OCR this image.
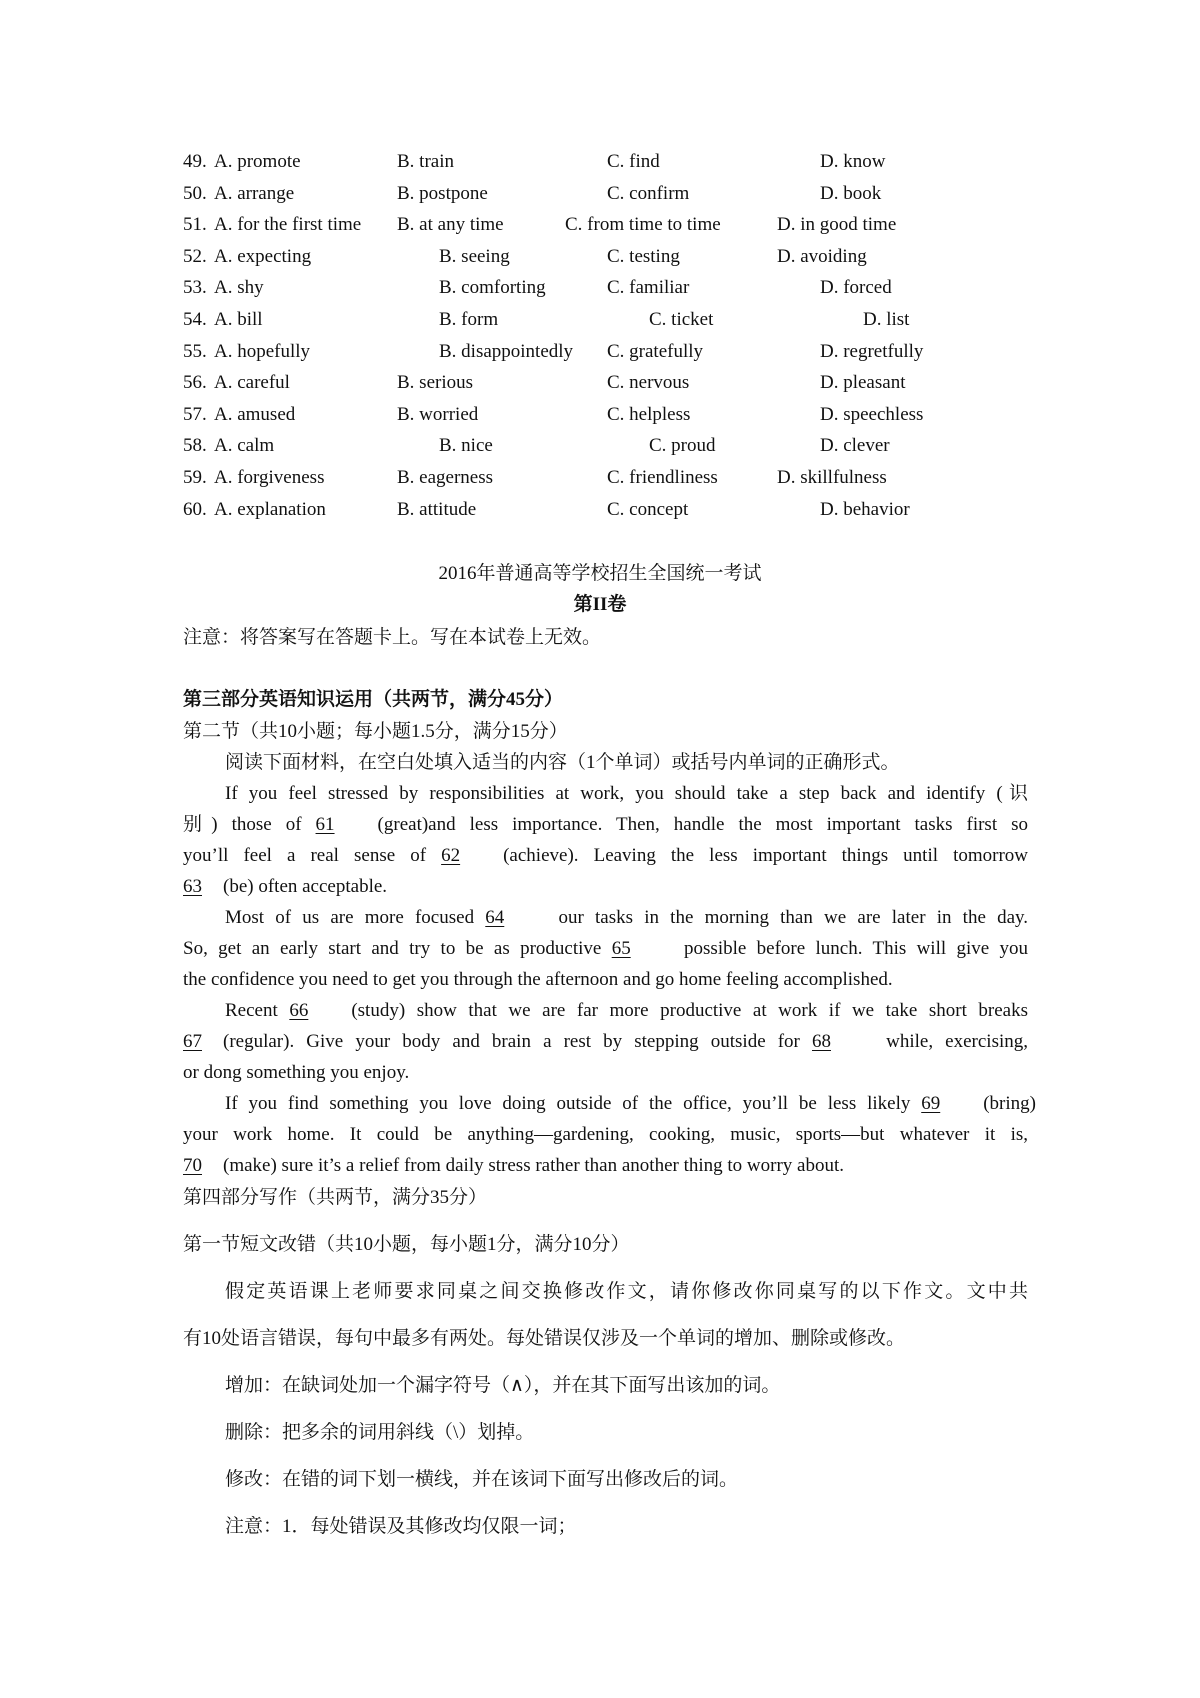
49. A. promote	B. train	C. find	D. know
50. A. arrange	B. postpone	C. confirm	D. book
51. A. for the first time B. at any time	C. from time to time	D. in good time
52. A. expecting	B. seeing	C. testing	D. avoiding
53. A. shy	B. comforting	C. familiar	D. forced
54. A. bill	B. form	C. ticket	D. list
55. A. hopefully	B. disappointedly C. gratefully	D. regretfully
56. A. careful	B. serious	C. nervous	D. pleasant
57. A. amused	B. worried	C. helpless	D. speechless
58. A. calm	B. nice	C. proud	D. clever
59. A. forgiveness	B. eagerness	C. friendliness	D. skillfulness
60. A. explanation	B. attitude	C. concept	D. behavior
2016年普通高等学校招生全国统一考试
第II卷
注意：将答案写在答题卡上。写在本试卷上无效。
第三部分英语知识运用（共两节，满分45分）
第二节（共10小题；每小题1.5分，满分15分）
阅读下面材料，在空白处填入适当的内容（1个单词）或括号内单词的正确形式。
If you feel stressed by responsibilities at work, you should take a step back and identify (识
别) those of 61 (great)and less importance. Then, handle the most important tasks first so
you’ll feel a real sense of 62 (achieve). Leaving the less important things until tomorrow
63 (be) often acceptable.
Most of us are more focused 64	our tasks in the morning than we are later in the day.
So, get an early start and try to be as productive 65	possible before lunch. This will give you
the confidence you need to get you through the afternoon and go home feeling accomplished.
Recent 66 (study) show that we are far more productive at work if we take short breaks
67 (regular). Give your body and brain a rest by stepping outside for 68	while, exercising,
or dong something you enjoy.
If you find something you love doing outside of the office, you’ll be less likely 69 (bring)
your work home. It could be anything—gardening, cooking, music, sports—but whatever it is,
70 (make) sure it’s a relief from daily stress rather than another thing to worry about.
第四部分写作（共两节，满分35分）
第一节短文改错（共10小题，每小题1分，满分10分）
假定英语课上老师要求同桌之间交换修改作文，请你修改你同桌写的以下作文。文中共
有10处语言错误，每句中最多有两处。每处错误仅涉及一个单词的增加、删除或修改。
增加：在缺词处加一个漏字符号（∧），并在其下面写出该加的词。
删除：把多余的词用斜线（\）划掉。
修改：在错的词下划一横线，并在该词下面写出修改后的词。
注意：1．每处错误及其修改均仅限一词；
